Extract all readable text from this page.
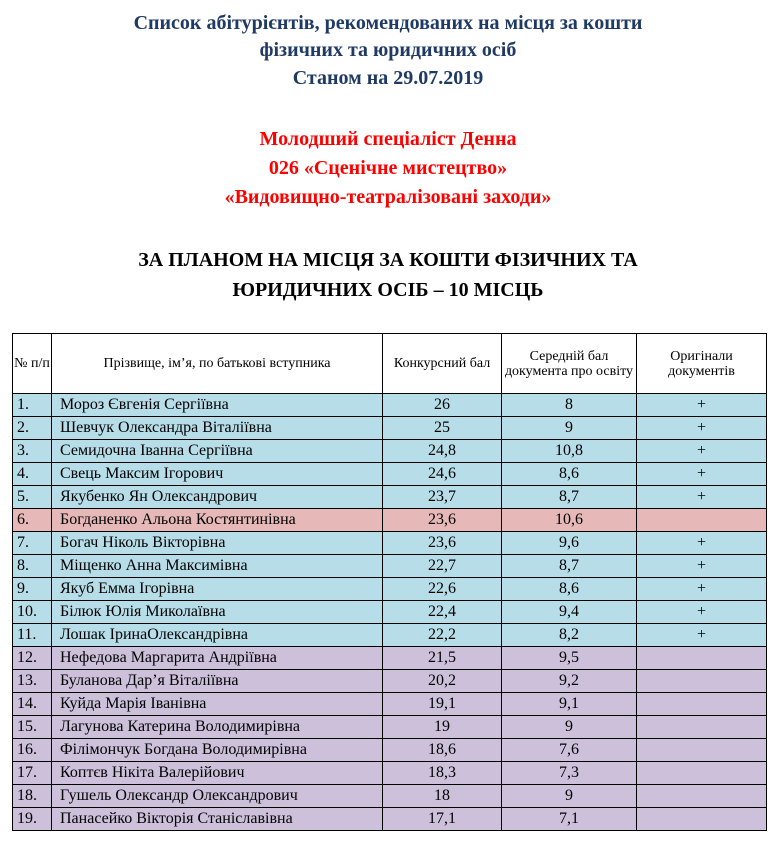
Список абітурієнтів, рекомендованих на місця за кошти
фізичних та юридичних осіб
Станом на 29.07.2019
Молодший спеціаліст Денна
026 «Сценічне мистецтво»
«Видовищно-театралізовані заходи»
ЗА ПЛАНОМ НА МІСЦЯ ЗА КОШТИ ФІЗИЧНИХ ТА
ЮРИДИЧНИХ ОСІБ – 10 МІСЦЬ
№ п/п	Прізвище, ім’я, по батькові вступника	Конкурсний бал	Середній бал документа про освіту	Оригінали документів
1.	Мороз Євгенія Сергіївна	26	8	+
2.	Шевчук Олександра Віталіївна	25	9	+
3.	Семидочна Іванна Сергіївна	24,8	10,8	+
4.	Свець Максим Ігорович	24,6	8,6	+
5.	Якубенко Ян Олександрович	23,7	8,7	+
6.	Богданенко Альона Костянтинівна	23,6	10,6	
7.	Богач Ніколь Вікторівна	23,6	9,6	+
8.	Міщенко Анна Максимівна	22,7	8,7	+
9.	Якуб Емма Ігорівна	22,6	8,6	+
10.	Білюк Юлія Миколаївна	22,4	9,4	+
11.	Лошак ІринаОлександрівна	22,2	8,2	+
12.	Нефедова Маргарита Андріївна	21,5	9,5	
13.	Буланова Дар’я Віталіївна	20,2	9,2	
14.	Куйда Марія Іванівна	19,1	9,1	
15.	Лагунова Катерина Володимирівна	19	9	
16.	Філімончук Богдана Володимирівна	18,6	7,6	
17.	Коптєв Нікіта Валерійович	18,3	7,3	
18.	Гушель Олександр Олександрович	18	9	
19.	Панасейко Вікторія Станіславівна	17,1	7,1	
